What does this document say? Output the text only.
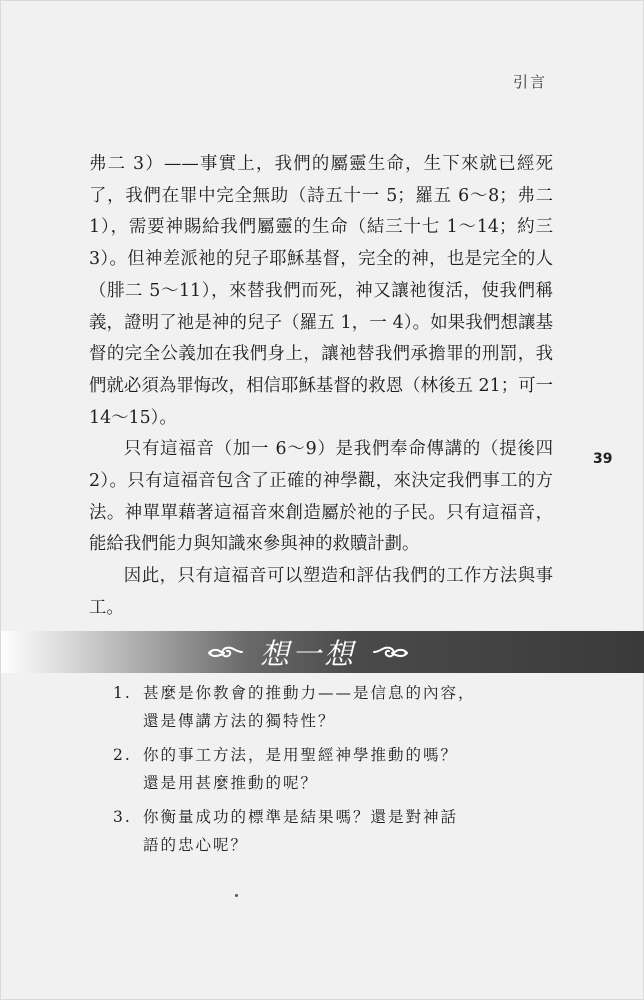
引言
39

弗二 3）——事實上，我們的屬靈生命，生下來就已經死了，我們在罪中完全無助（詩五十一 5；羅五 6～8；弗二 1），需要神賜給我們屬靈的生命（結三十七 1～14；約三 3）。但神差派祂的兒子耶穌基督，完全的神，也是完全的人（腓二 5～11），來替我們而死，神又讓祂復活，使我們稱義，證明了祂是神的兒子（羅五 1，一 4）。如果我們想讓基督的完全公義加在我們身上，讓祂替我們承擔罪的刑罰，我們就必須為罪悔改，相信耶穌基督的救恩（林後五 21；可一 14～15）。

只有這福音（加一 6～9）是我們奉命傳講的（提後四 2）。只有這福音包含了正確的神學觀，來決定我們事工的方法。神單單藉著這福音來創造屬於祂的子民。只有這福音，能給我們能力與知識來參與神的救贖計劃。

因此，只有這福音可以塑造和評估我們的工作方法與事工。

想一想
1. 甚麼是你教會的推動力——是信息的內容，
還是傳講方法的獨特性？
2. 你的事工方法，是用聖經神學推動的嗎？
還是用甚麼推動的呢？
3. 你衡量成功的標準是結果嗎？還是對神話
語的忠心呢？
